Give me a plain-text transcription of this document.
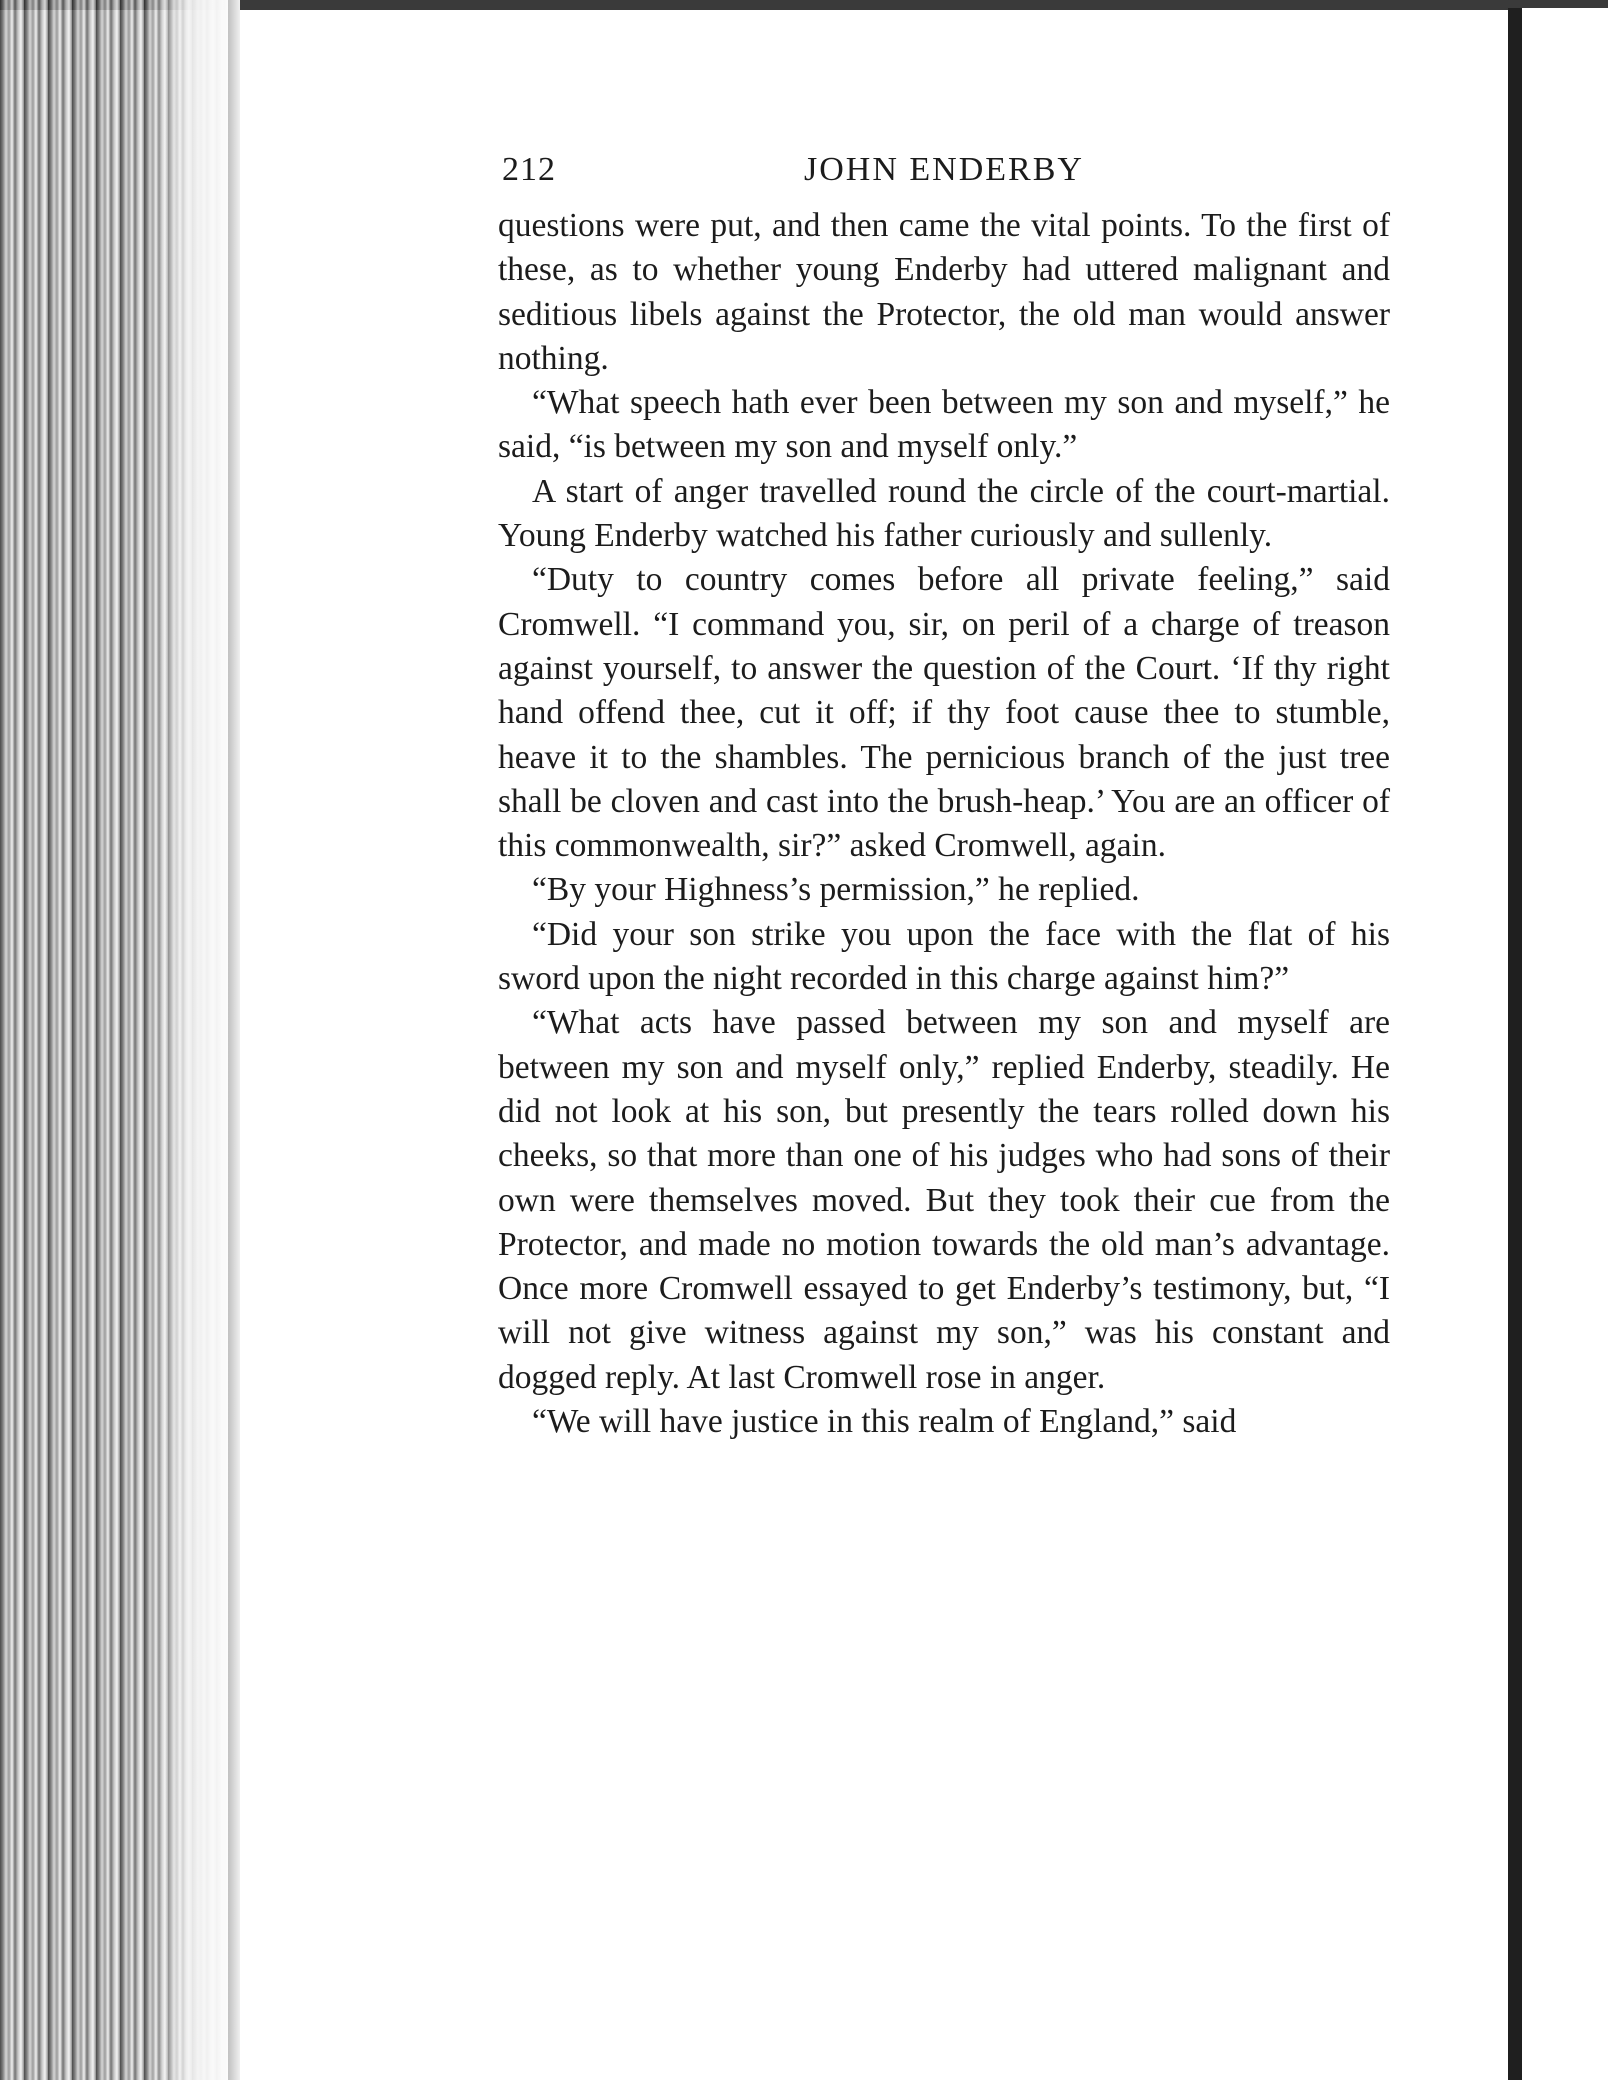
212	JOHN ENDERBY

questions were put, and then came the vital points. To the first of these, as to whether young Enderby had uttered malignant and seditious libels against the Protector, the old man would answer nothing.

“What speech hath ever been between my son and myself,” he said, “is between my son and myself only.”

A start of anger travelled round the circle of the court-martial. Young Enderby watched his father curiously and sullenly.

“Duty to country comes before all private feeling,” said Cromwell. “I command you, sir, on peril of a charge of treason against yourself, to answer the question of the Court. ‘If thy right hand offend thee, cut it off; if thy foot cause thee to stumble, heave it to the shambles. The pernicious branch of the just tree shall be cloven and cast into the brush-heap.’ You are an officer of this commonwealth, sir?” asked Cromwell, again.

“By your Highness’s permission,” he replied.

“Did your son strike you upon the face with the flat of his sword upon the night recorded in this charge against him?”

“What acts have passed between my son and myself are between my son and myself only,” replied Enderby, steadily. He did not look at his son, but presently the tears rolled down his cheeks, so that more than one of his judges who had sons of their own were themselves moved. But they took their cue from the Protector, and made no motion towards the old man’s advantage. Once more Cromwell essayed to get Enderby’s testimony, but, “I will not give witness against my son,” was his constant and dogged reply. At last Cromwell rose in anger.

“We will have justice in this realm of England,” said
